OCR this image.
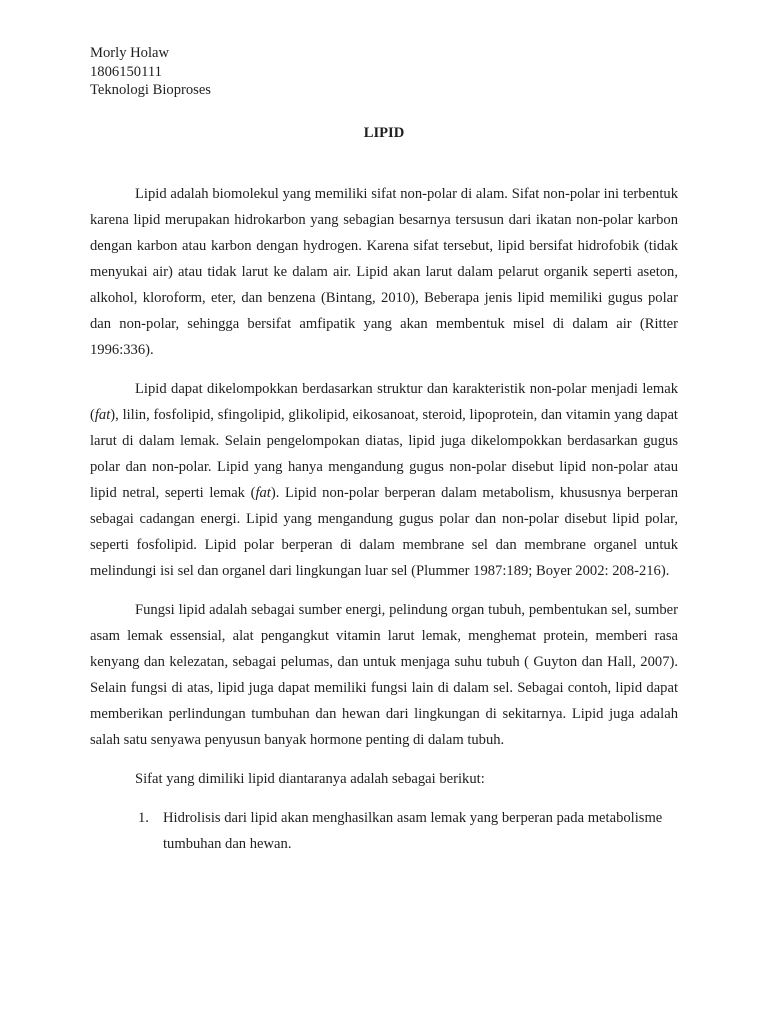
Morly Holaw
1806150111
Teknologi Bioproses
LIPID

Lipid adalah biomolekul yang memiliki sifat non-polar di alam. Sifat non-polar ini terbentuk karena lipid merupakan hidrokarbon yang sebagian besarnya tersusun dari ikatan non-polar karbon dengan karbon atau karbon dengan hydrogen. Karena sifat tersebut, lipid bersifat hidrofobik (tidak menyukai air) atau tidak larut ke dalam air. Lipid akan larut dalam pelarut organik seperti aseton, alkohol, kloroform, eter, dan benzena (Bintang, 2010), Beberapa jenis lipid memiliki gugus polar dan non-polar, sehingga bersifat amfipatik yang akan membentuk misel di dalam air (Ritter 1996:336).

Lipid dapat dikelompokkan berdasarkan struktur dan karakteristik non-polar menjadi lemak (fat), lilin, fosfolipid, sfingolipid, glikolipid, eikosanoat, steroid, lipoprotein, dan vitamin yang dapat larut di dalam lemak. Selain pengelompokan diatas, lipid juga dikelompokkan berdasarkan gugus polar dan non-polar. Lipid yang hanya mengandung gugus non-polar disebut lipid non-polar atau lipid netral, seperti lemak (fat). Lipid non-polar berperan dalam metabolism, khususnya berperan sebagai cadangan energi. Lipid yang mengandung gugus polar dan non-polar disebut lipid polar, seperti fosfolipid. Lipid polar berperan di dalam membrane sel dan membrane organel untuk melindungi isi sel dan organel dari lingkungan luar sel (Plummer 1987:189; Boyer 2002: 208-216).

Fungsi lipid adalah sebagai sumber energi, pelindung organ tubuh, pembentukan sel, sumber asam lemak essensial, alat pengangkut vitamin larut lemak, menghemat protein, memberi rasa kenyang dan kelezatan, sebagai pelumas, dan untuk menjaga suhu tubuh ( Guyton dan Hall, 2007). Selain fungsi di atas, lipid juga dapat memiliki fungsi lain di dalam sel. Sebagai contoh, lipid dapat memberikan perlindungan tumbuhan dan hewan dari lingkungan di sekitarnya. Lipid juga adalah salah satu senyawa penyusun banyak hormone penting di dalam tubuh.

Sifat yang dimiliki lipid diantaranya adalah sebagai berikut:

1. Hidrolisis dari lipid akan menghasilkan asam lemak yang berperan pada metabolisme tumbuhan dan hewan.
